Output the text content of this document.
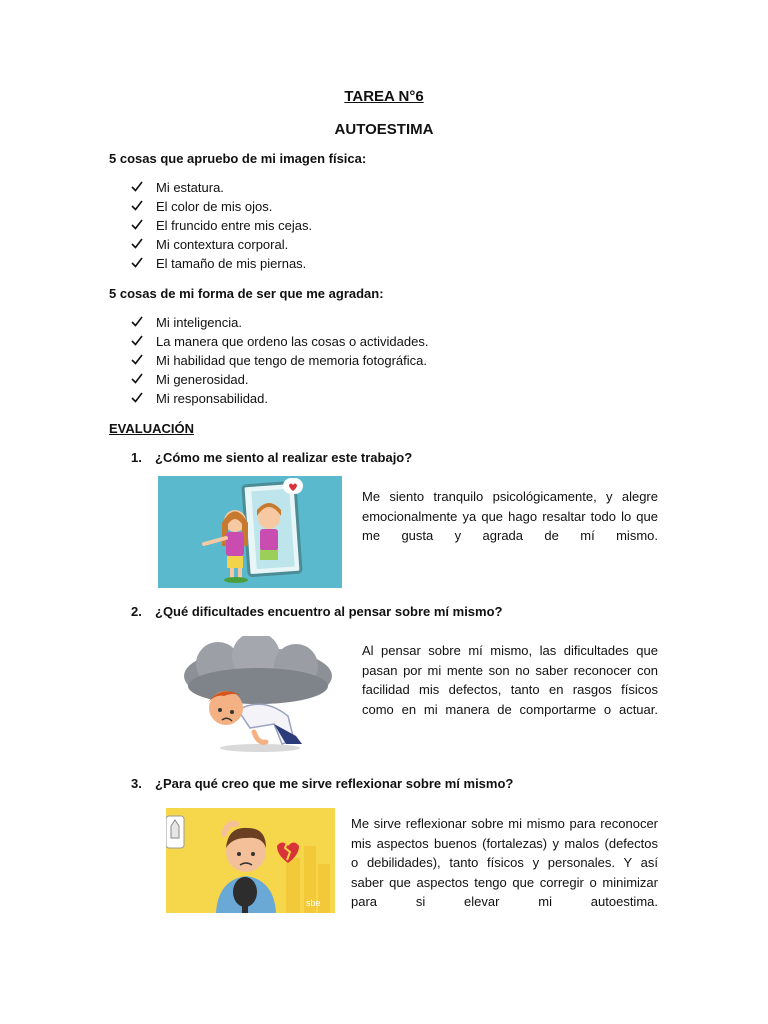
TAREA N°6
AUTOESTIMA
5 cosas que apruebo de mi imagen física:
Mi estatura.
El color de mis ojos.
El fruncido entre mis cejas.
Mi contextura corporal.
El tamaño de mis piernas.
5 cosas de mi forma de ser que me agradan:
Mi inteligencia.
La manera que ordeno las cosas o actividades.
Mi habilidad que tengo de memoria fotográfica.
Mi generosidad.
Mi responsabilidad.
EVALUACIÓN
1. ¿Cómo me siento al realizar este trabajo?
Me siento tranquilo psicológicamente, y alegre emocionalmente ya que hago resaltar todo lo que me gusta y agrada de mí mismo.
2. ¿Qué dificultades encuentro al pensar sobre mí mismo?
Al pensar sobre mí mismo, las dificultades que pasan por mi mente son no saber reconocer con facilidad mis defectos, tanto en rasgos físicos como en mi manera de comportarme o actuar.
3. ¿Para qué creo que me sirve reflexionar sobre mí mismo?
sbe
Me sirve reflexionar sobre mi mismo para reconocer mis aspectos buenos (fortalezas) y malos (defectos o debilidades), tanto físicos y personales. Y así saber que aspectos tengo que corregir o minimizar para si elevar mi autoestima.
